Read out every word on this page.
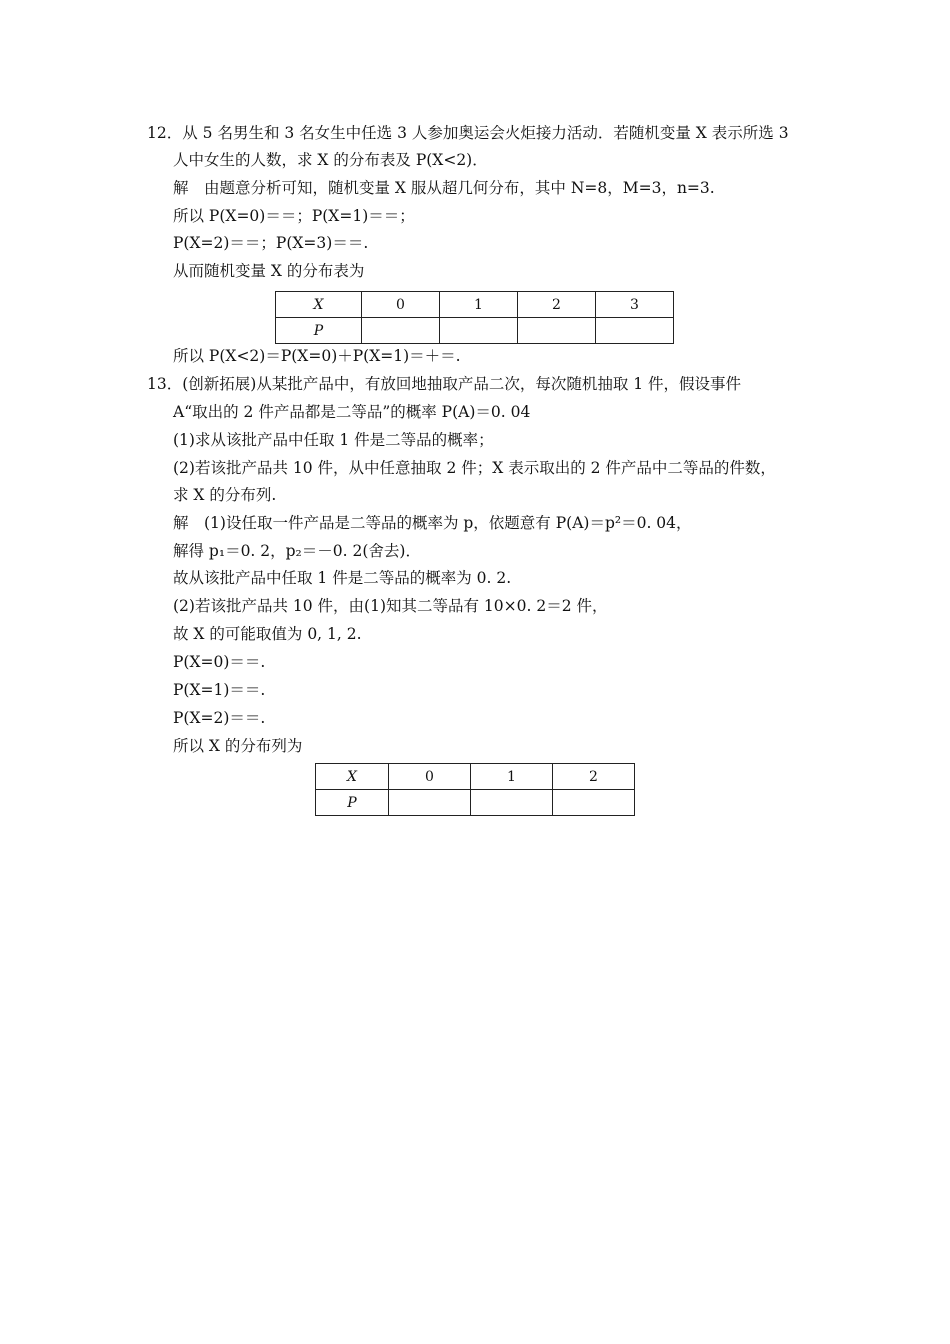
12．从 5 名男生和 3 名女生中任选 3 人参加奥运会火炬接力活动．若随机变量 X 表示所选 3
人中女生的人数，求 X 的分布表及 P(X<2)．
解　由题意分析可知，随机变量 X 服从超几何分布，其中 N=8，M=3，n=3.
所以 P(X=0)＝＝；P(X=1)＝＝；
P(X=2)＝＝；P(X=3)＝＝.
从而随机变量 X 的分布表为
X	0	1	2	3
P				
所以 P(X<2)＝P(X=0)＋P(X=1)＝＋＝.
13．(创新拓展)从某批产品中，有放回地抽取产品二次，每次随机抽取 1 件，假设事件
A“取出的 2 件产品都是二等品”的概率 P(A)＝0. 04
(1)求从该批产品中任取 1 件是二等品的概率；
(2)若该批产品共 10 件，从中任意抽取 2 件；X 表示取出的 2 件产品中二等品的件数，
求 X 的分布列.
解　(1)设任取一件产品是二等品的概率为 p，依题意有 P(A)＝p²＝0. 04，
解得 p₁＝0. 2，p₂＝－0. 2(舍去)．
故从该批产品中任取 1 件是二等品的概率为 0. 2.
(2)若该批产品共 10 件，由(1)知其二等品有 10×0. 2＝2 件，
故 X 的可能取值为 0, 1, 2.
P(X=0)＝＝.
P(X=1)＝＝.
P(X=2)＝＝.
所以 X 的分布列为
X	0	1	2
P			
